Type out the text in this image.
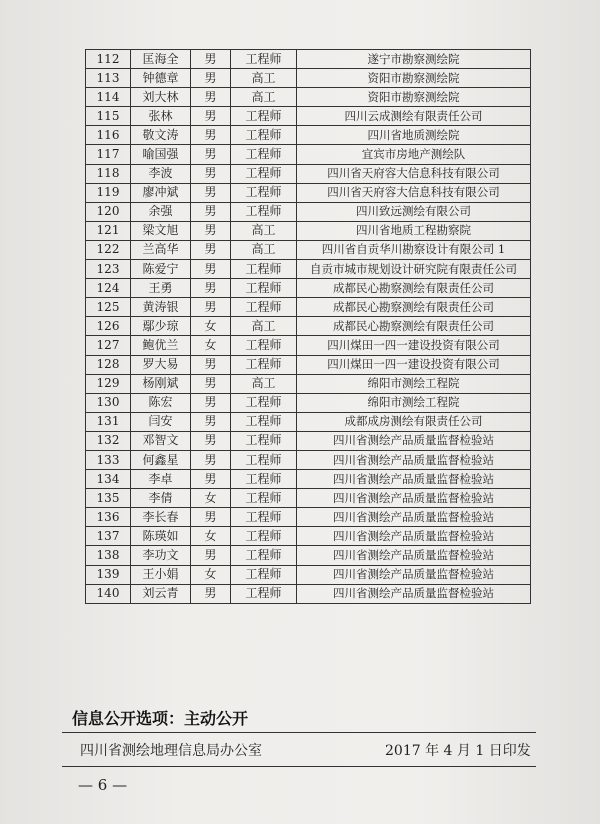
112	匡海全	男	工程师	遂宁市勘察测绘院
113	钟德章	男	高工	资阳市勘察测绘院
114	刘大林	男	高工	资阳市勘察测绘院
115	张林	男	工程师	四川云成测绘有限责任公司
116	敬文涛	男	工程师	四川省地质测绘院
117	喻国强	男	工程师	宜宾市房地产测绘队
118	李波	男	工程师	四川省天府容大信息科技有限公司
119	廖冲斌	男	工程师	四川省天府容大信息科技有限公司
120	余强	男	工程师	四川致远测绘有限公司
121	梁文旭	男	高工	四川省地质工程勘察院
122	兰高华	男	高工	四川省自贡华川勘察设计有限公司 1
123	陈爱宁	男	工程师	自贡市城市规划设计研究院有限责任公司
124	王勇	男	工程师	成都民心勘察测绘有限责任公司
125	黄涛银	男	工程师	成都民心勘察测绘有限责任公司
126	鄢少琼	女	高工	成都民心勘察测绘有限责任公司
127	鲍优兰	女	工程师	四川煤田一四一建设投资有限公司
128	罗大易	男	工程师	四川煤田一四一建设投资有限公司
129	杨刚斌	男	高工	绵阳市测绘工程院
130	陈宏	男	工程师	绵阳市测绘工程院
131	闫安	男	工程师	成都成房测绘有限责任公司
132	邓智文	男	工程师	四川省测绘产品质量监督检验站
133	何鑫星	男	工程师	四川省测绘产品质量监督检验站
134	李卓	男	工程师	四川省测绘产品质量监督检验站
135	李倩	女	工程师	四川省测绘产品质量监督检验站
136	李长春	男	工程师	四川省测绘产品质量监督检验站
137	陈瑛如	女	工程师	四川省测绘产品质量监督检验站
138	李功文	男	工程师	四川省测绘产品质量监督检验站
139	王小娟	女	工程师	四川省测绘产品质量监督检验站
140	刘云青	男	工程师	四川省测绘产品质量监督检验站
信息公开选项：主动公开
四川省测绘地理信息局办公室	2017 年 4 月 1 日印发
— 6 —
